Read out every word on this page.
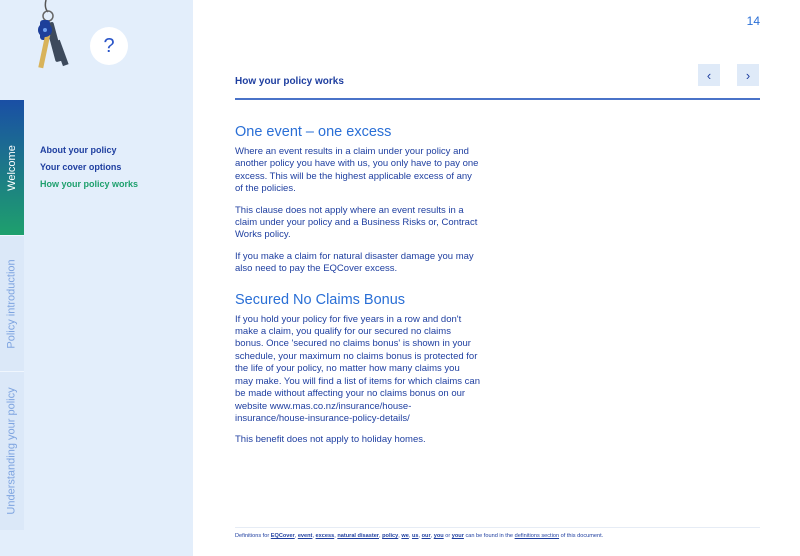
?
Welcome
Policy introduction
Understanding your policy
About your policy
Your cover options
How your policy works
14
How your policy works	‹	›
One event – one excess

Where an event results in a claim under your policy and another policy you have with us, you only have to pay one excess. This will be the highest applicable excess of any of the policies.

This clause does not apply where an event results in a claim under your policy and a Business Risks or, Contract Works policy.

If you make a claim for natural disaster damage you may also need to pay the EQCover excess.

Secured No Claims Bonus

If you hold your policy for five years in a row and don't make a claim, you qualify for our secured no claims bonus. Once 'secured no claims bonus' is shown in your schedule, your maximum no claims bonus is protected for the life of your policy, no matter how many claims you may make. You will find a list of items for which claims can be made without affecting your no claims bonus on our website www.mas.co.nz/insurance/house-insurance/house-insurance-policy-details/

This benefit does not apply to holiday homes.

Definitions for EQCover, event, excess, natural disaster, policy, we, us, our, you or your can be found in the definitions section of this document.
